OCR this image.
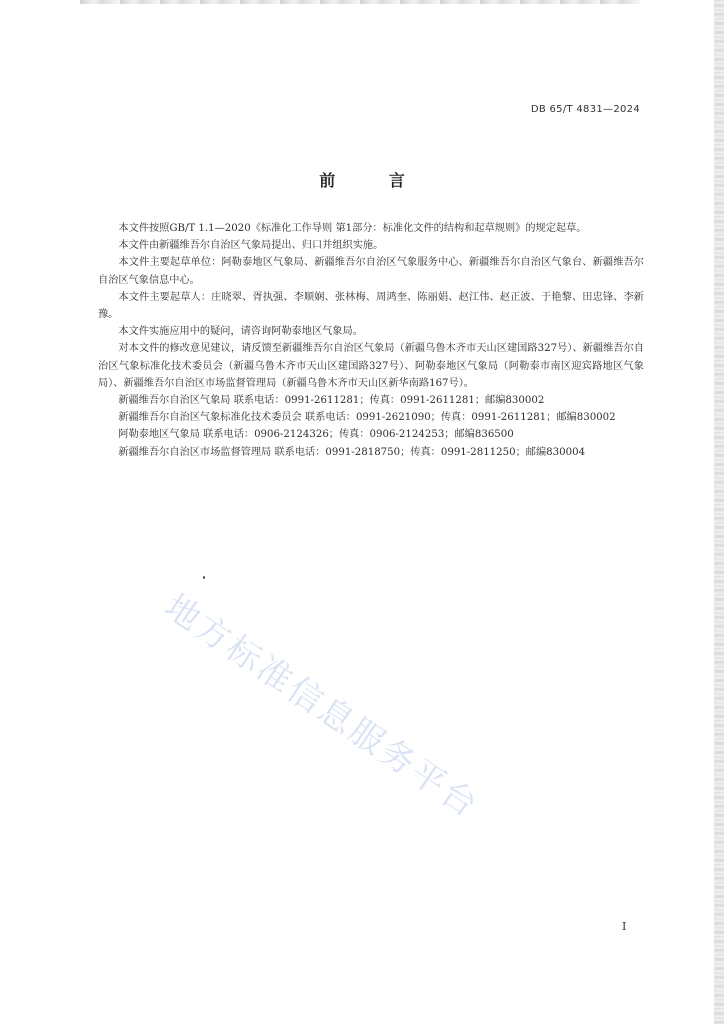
DB 65/T 4831—2024
前 言

本文件按照GB/T 1.1—2020《标准化工作导则 第1部分：标准化文件的结构和起草规则》的规定起草。

本文件由新疆维吾尔自治区气象局提出、归口并组织实施。

本文件主要起草单位：阿勒泰地区气象局、新疆维吾尔自治区气象服务中心、新疆维吾尔自治区气象台、新疆维吾尔自治区气象信息中心。

本文件主要起草人：庄晓翠、胥执强、李顺娴、张林梅、周鸿奎、陈丽娟、赵江伟、赵正波、于艳黎、田忠锋、李新豫。

本文件实施应用中的疑问，请咨询阿勒泰地区气象局。

对本文件的修改意见建议，请反馈至新疆维吾尔自治区气象局（新疆乌鲁木齐市天山区建国路327号）、新疆维吾尔自治区气象标准化技术委员会（新疆乌鲁木齐市天山区建国路327号）、阿勒泰地区气象局（阿勒泰市南区迎宾路地区气象局）、新疆维吾尔自治区市场监督管理局（新疆乌鲁木齐市天山区新华南路167号）。

新疆维吾尔自治区气象局 联系电话：0991-2611281；传真：0991-2611281；邮编830002

新疆维吾尔自治区气象标准化技术委员会 联系电话：0991-2621090；传真：0991-2611281；邮编830002

阿勒泰地区气象局 联系电话：0906-2124326；传真：0906-2124253；邮编836500

新疆维吾尔自治区市场监督管理局 联系电话：0991-2818750；传真：0991-2811250；邮编830004

地方标准信息服务平台
I
